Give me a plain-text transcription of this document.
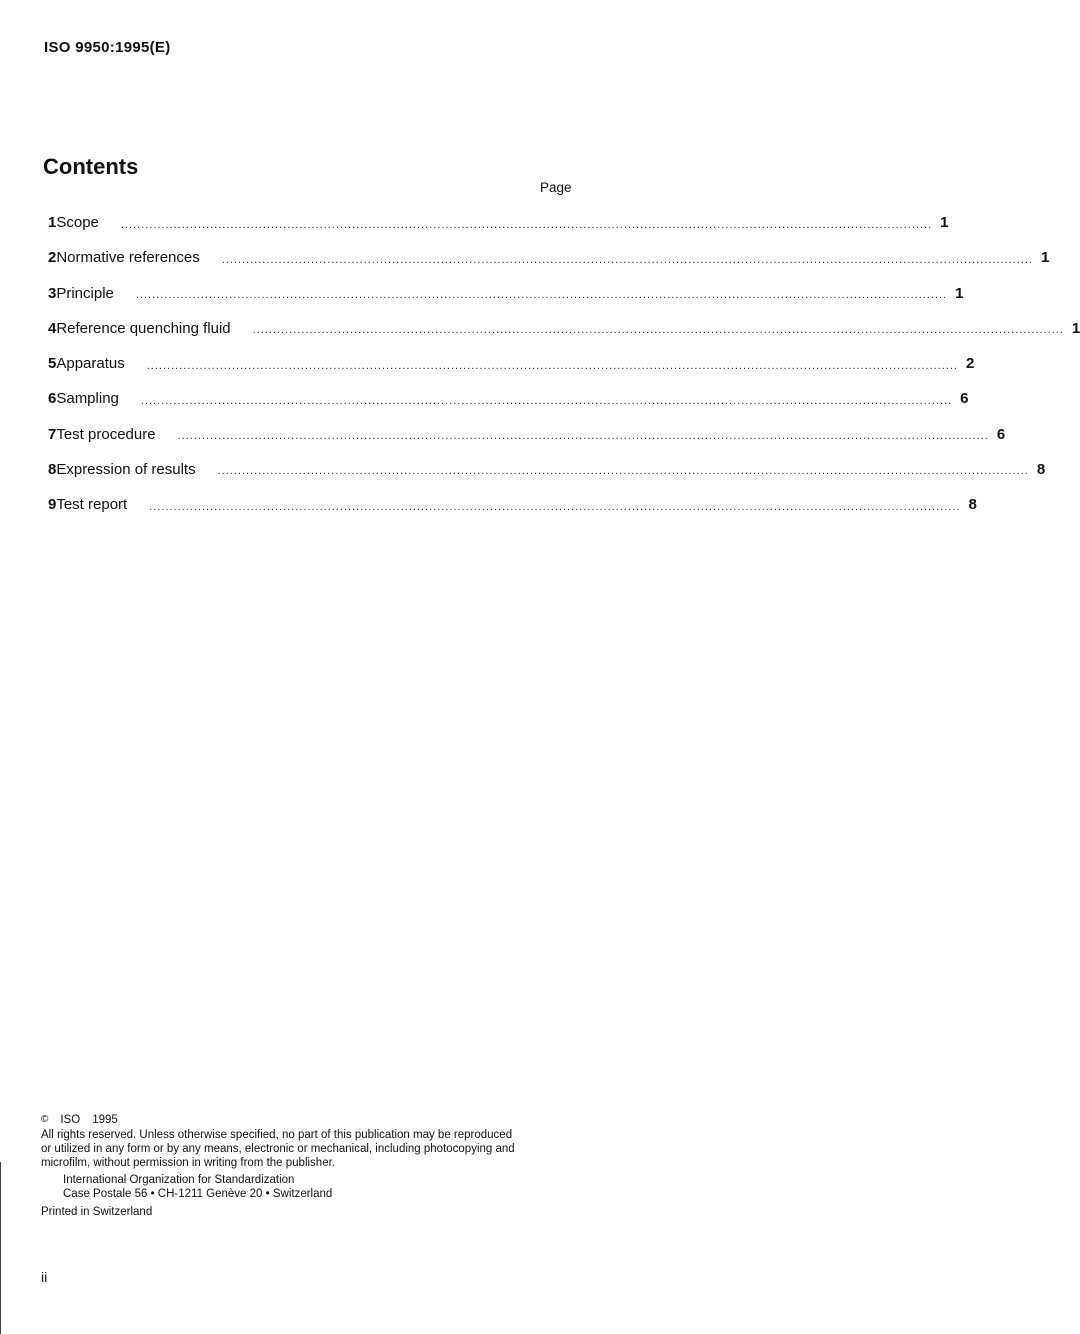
ISO 9950:1995(E)
Contents
Page
1 Scope	........................................................................................................................................................................................................ 1
2 Normative references	........................................................................................................................................................................................................ 1
3 Principle	........................................................................................................................................................................................................ 1
4 Reference quenching fluid	........................................................................................................................................................................................................ 1
5 Apparatus	........................................................................................................................................................................................................ 2
6 Sampling	........................................................................................................................................................................................................ 6
7 Test procedure	........................................................................................................................................................................................................ 6
8 Expression of results	........................................................................................................................................................................................................ 8
9 Test report	........................................................................................................................................................................................................ 8
© ISO 1995
All rights reserved. Unless otherwise specified, no part of this publication may be reproduced
or utilized in any form or by any means, electronic or mechanical, including photocopying and
microfilm, without permission in writing from the publisher.
International Organization for Standardization
Case Postale 56 • CH-1211 Genève 20 • Switzerland
Printed in Switzerland
ii
